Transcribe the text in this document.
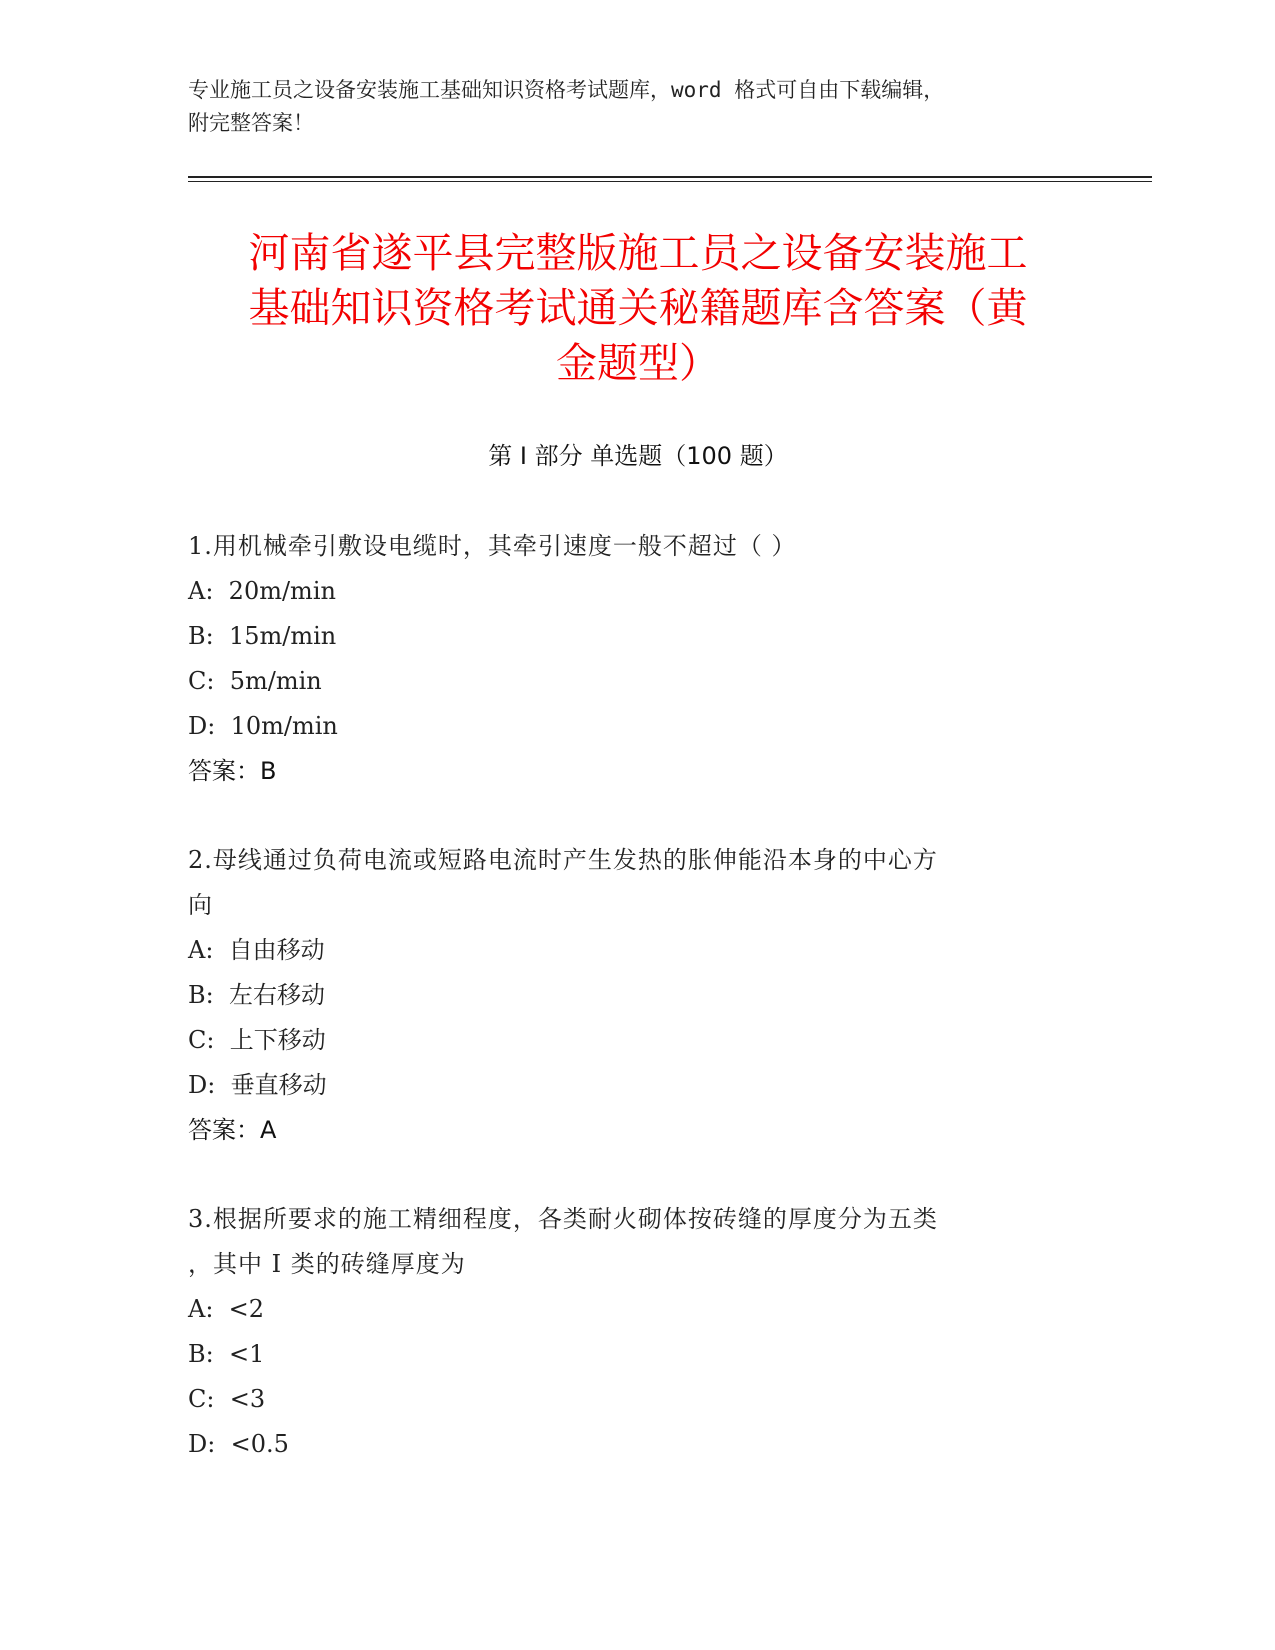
专业施工员之设备安装施工基础知识资格考试题库，word 格式可自由下载编辑，
附完整答案！
河南省遂平县完整版施工员之设备安装施工
基础知识资格考试通关秘籍题库含答案（黄
金题型）
第 I 部分 单选题（100 题）
1.用机械牵引敷设电缆时，其牵引速度一般不超过（ ）
A:  20m/min
B:  15m/min
C:  5m/min
D:  10m/min
答案：B
2.母线通过负荷电流或短路电流时产生发热的胀伸能沿本身的中心方
向
A:  自由移动
B:  左右移动
C:  上下移动
D:  垂直移动
答案：A
3.根据所要求的施工精细程度，各类耐火砌体按砖缝的厚度分为五类
，其中 I 类的砖缝厚度为
A:  <2
B:  <1
C:  <3
D:  <0.5
